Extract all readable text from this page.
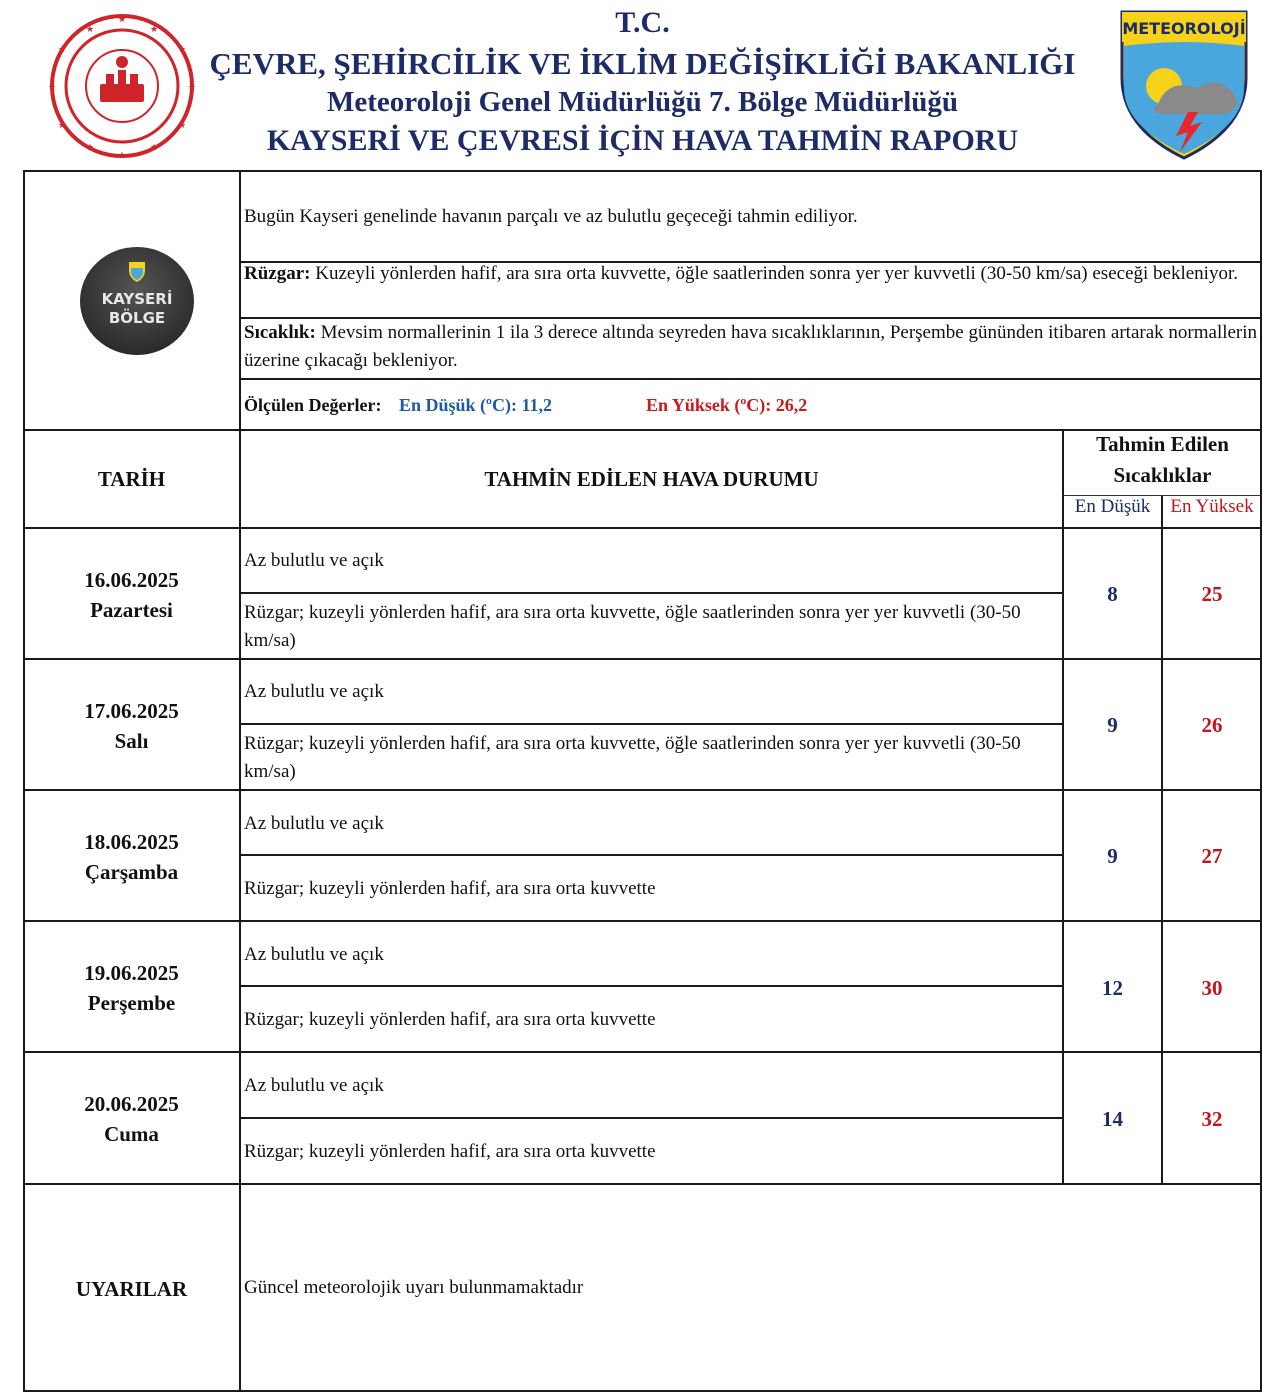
★
★
★
★
★
★
★
★
★	★
★	★
T.C.
ÇEVRE, ŞEHİRCİLİK VE İKLİM DEĞİŞİKLİĞİ BAKANLIĞI
Meteoroloji Genel Müdürlüğü 7. Bölge Müdürlüğü
KAYSERİ VE ÇEVRESİ İÇİN HAVA TAHMİN RAPORU
METEOROLOJİ
KAYSERİ
BÖLGE
Bugün Kayseri genelinde havanın parçalı ve az bulutlu geçeceği tahmin ediliyor.
Rüzgar: Kuzeyli yönlerden hafif, ara sıra orta kuvvette, öğle saatlerinden sonra yer yer kuvvetli (30-50 km/sa) eseceği bekleniyor.
Sıcaklık: Mevsim normallerinin 1 ila 3 derece altında seyreden hava sıcaklıklarının, Perşembe gününden itibaren artarak normallerin üzerine çıkacağı bekleniyor.
Ölçülen Değerler: En Düşük (ºC): 11,2	En Yüksek (ºC): 26,2
TARİH	TAHMİN EDİLEN HAVA DURUMU
Tahmin Edilen Sıcaklıklar
En Düşük	En Yüksek
16.06.2025
Pazartesi
Az bulutlu ve açık
Rüzgar; kuzeyli yönlerden hafif, ara sıra orta kuvvette, öğle saatlerinden sonra yer yer kuvvetli (30-50 km/sa)
8	25
17.06.2025
Salı
Az bulutlu ve açık
Rüzgar; kuzeyli yönlerden hafif, ara sıra orta kuvvette, öğle saatlerinden sonra yer yer kuvvetli (30-50 km/sa)
9	26
18.06.2025
Çarşamba
Az bulutlu ve açık
Rüzgar; kuzeyli yönlerden hafif, ara sıra orta kuvvette
9	27
19.06.2025
Perşembe
Az bulutlu ve açık
Rüzgar; kuzeyli yönlerden hafif, ara sıra orta kuvvette
12	30
20.06.2025
Cuma
Az bulutlu ve açık
Rüzgar; kuzeyli yönlerden hafif, ara sıra orta kuvvette
14	32
UYARILAR	Güncel meteorolojik uyarı bulunmamaktadır
